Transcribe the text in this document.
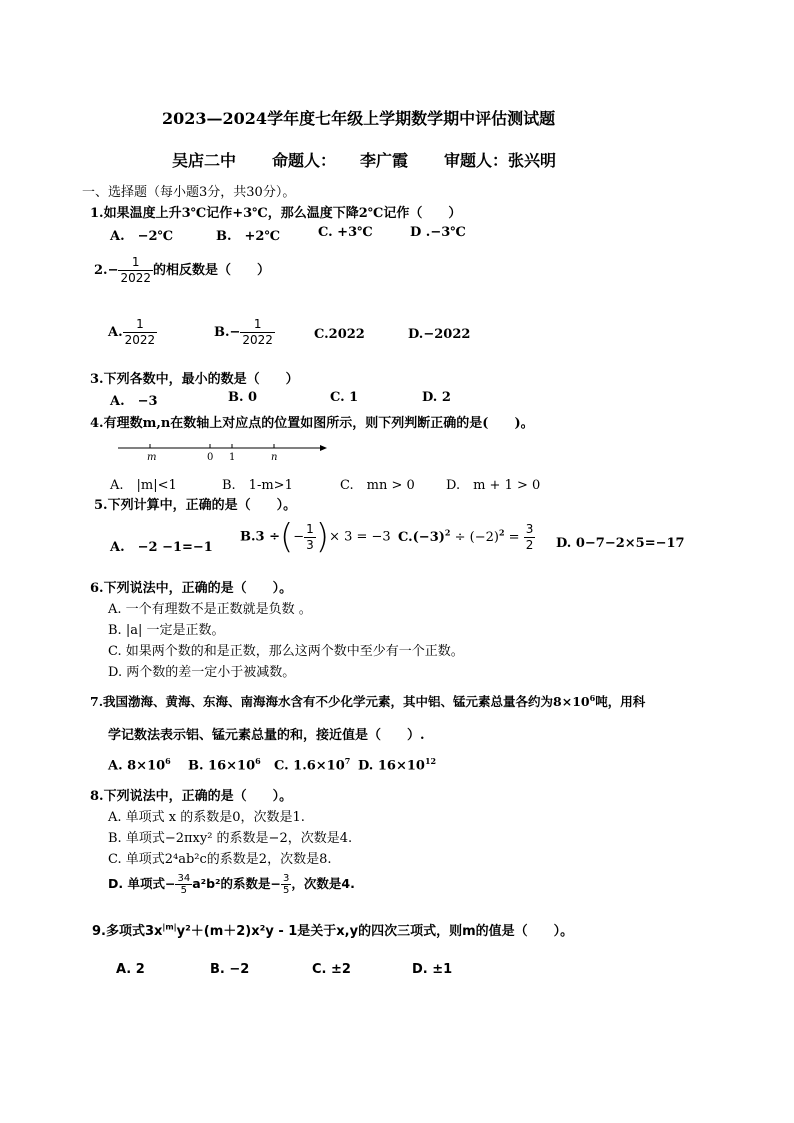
2023—2024学年度七年级上学期数学期中评估测试题
吴店二中 命题人： 李广霞 审题人：张兴明
一、选择题（每小题3分，共30分）。
1.如果温度上升3℃记作+3℃，那么温度下降2℃记作（　　）
A.　−2℃	B.　+2℃	C. +3℃	D .−3℃
$2.- \frac{1}{2022}$ 的相反数是（　　）
A. $\frac{1}{2022}$	$B.- \frac{1}{2022}$	C.2022	D.−2022
3.下列各数中，最小的数是（　　）
A.　−3	B. 0	C. 1	D. 2
4.有理数m,n在数轴上对应点的位置如图所示，则下列判断正确的是(　　)。
m	0 1	n
A.　|m|<1	B.　1-m>1	C.　mn > 0 D.　m + 1 > 0
5.下列计算中，正确的是（　　）。
A.　−2 −1=−1
B.3 ÷(− $\frac{1}{3}$ )× 3 = −3 $C.(-3)^2 \div (-2)^2 = \frac{3}{2} D$. 0−7−2×5=−17
6.下列说法中，正确的是（　　）。
A. 一个有理数不是正数就是负数 。
B. |a| 一定是正数。
C. 如果两个数的和是正数，那么这两个数中至少有一个正数。
D. 两个数的差一定小于被减数。
7.我国渤海、黄海、东海、南海海水含有不少化学元素，其中铝、锰元素总量各约为$8\times 10^6$吨，用科
学记数法表示铝、锰元素总量的和，接近值是（　　）.
A. $8\times 10^6$ B. $16\times 10^6$ C. $1.6\times 10^7$ D. $16\times 10^{12}$
8.下列说法中，正确的是（　　）。
A. 单项式 x 的系数是0，次数是1.
B. 单项式−2πxy² 的系数是−2，次数是4.
C. 单项式2⁴ab²c的系数是2，次数是8.
D. 单项式− $\frac{34}{5} a^2b^2$的系数是− $\frac{3}{5}$ ，次数是4.
9.多项式$3x^{|m|}y^2+(m+2)x^2y - 1$是关于x,y的四次三项式，则m的值是（　　）。
A. 2	B. −2	C. ±2	D. ±1
